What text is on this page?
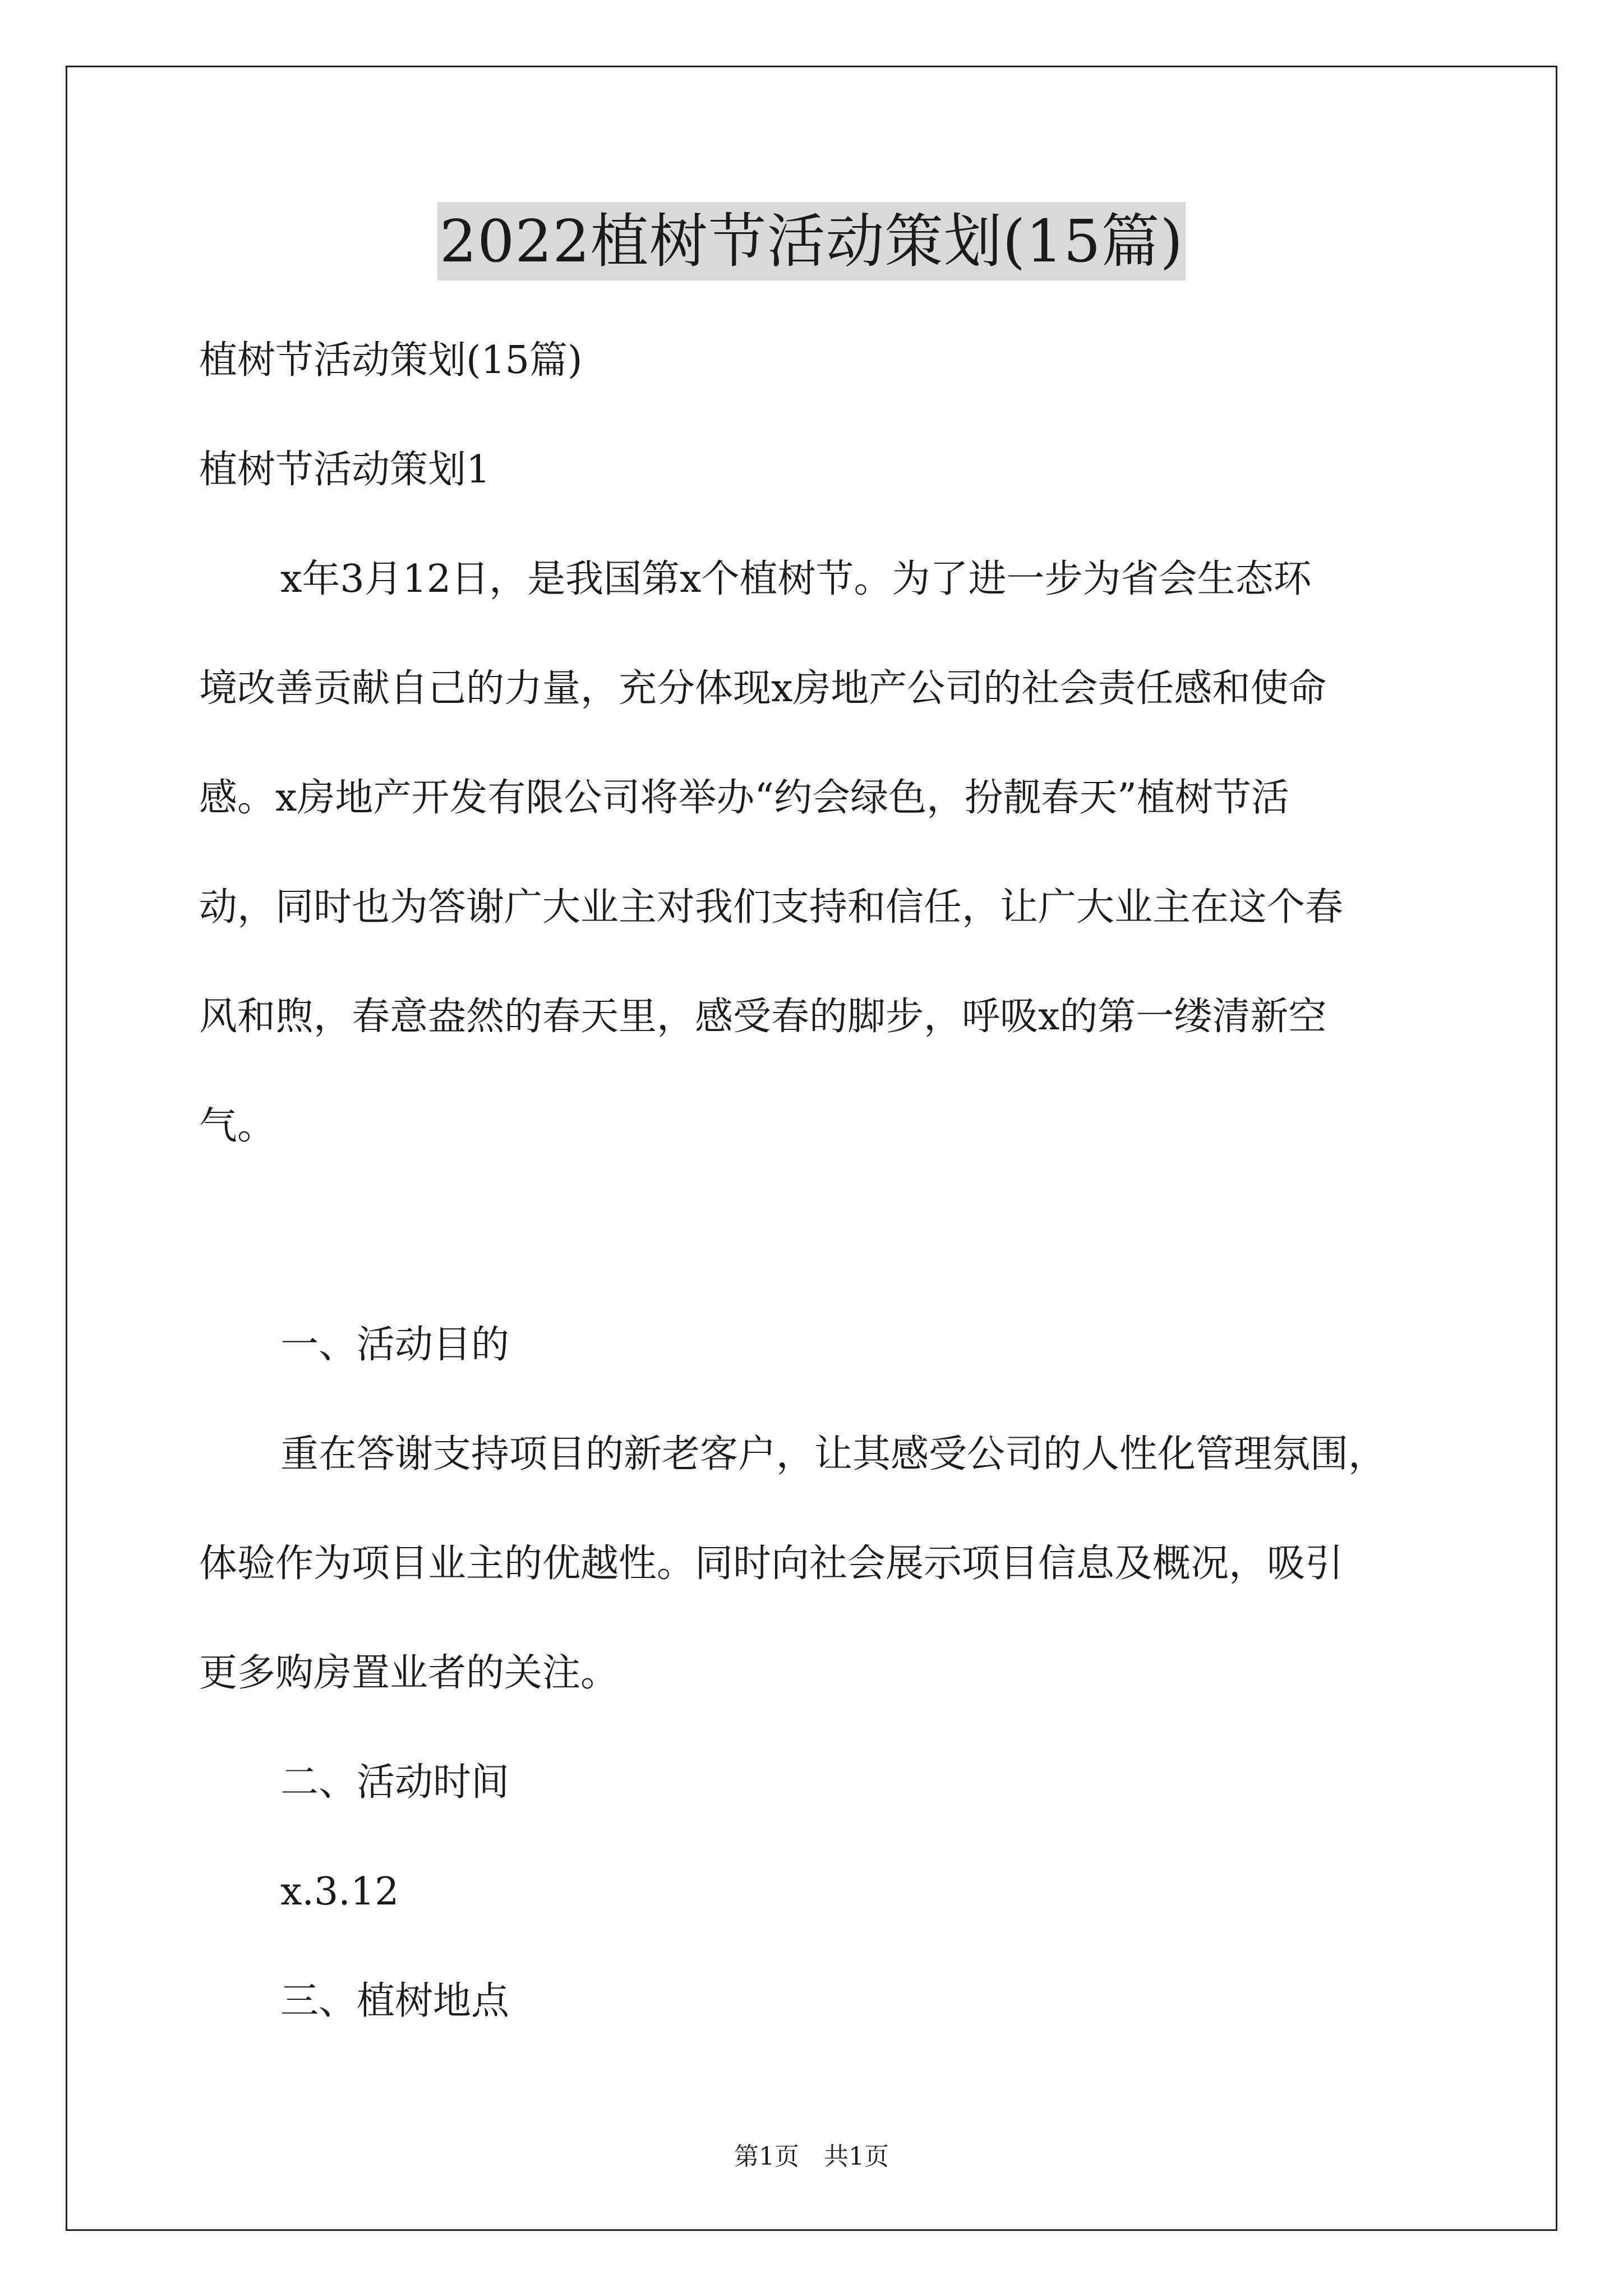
2022植树节活动策划(15篇)

植树节活动策划(15篇)

植树节活动策划1

x年3月12日，是我国第x个植树节。为了进一步为省会生态环

境改善贡献自己的力量，充分体现x房地产公司的社会责任感和使命

感。x房地产开发有限公司将举办“约会绿色，扮靓春天”植树节活

动，同时也为答谢广大业主对我们支持和信任，让广大业主在这个春

风和煦，春意盎然的春天里，感受春的脚步，呼吸x的第一缕清新空

气。

一、活动目的

重在答谢支持项目的新老客户，让其感受公司的人性化管理氛围，

体验作为项目业主的优越性。同时向社会展示项目信息及概况，吸引

更多购房置业者的关注。

二、活动时间

x.3.12

三、植树地点

第1页　共1页
